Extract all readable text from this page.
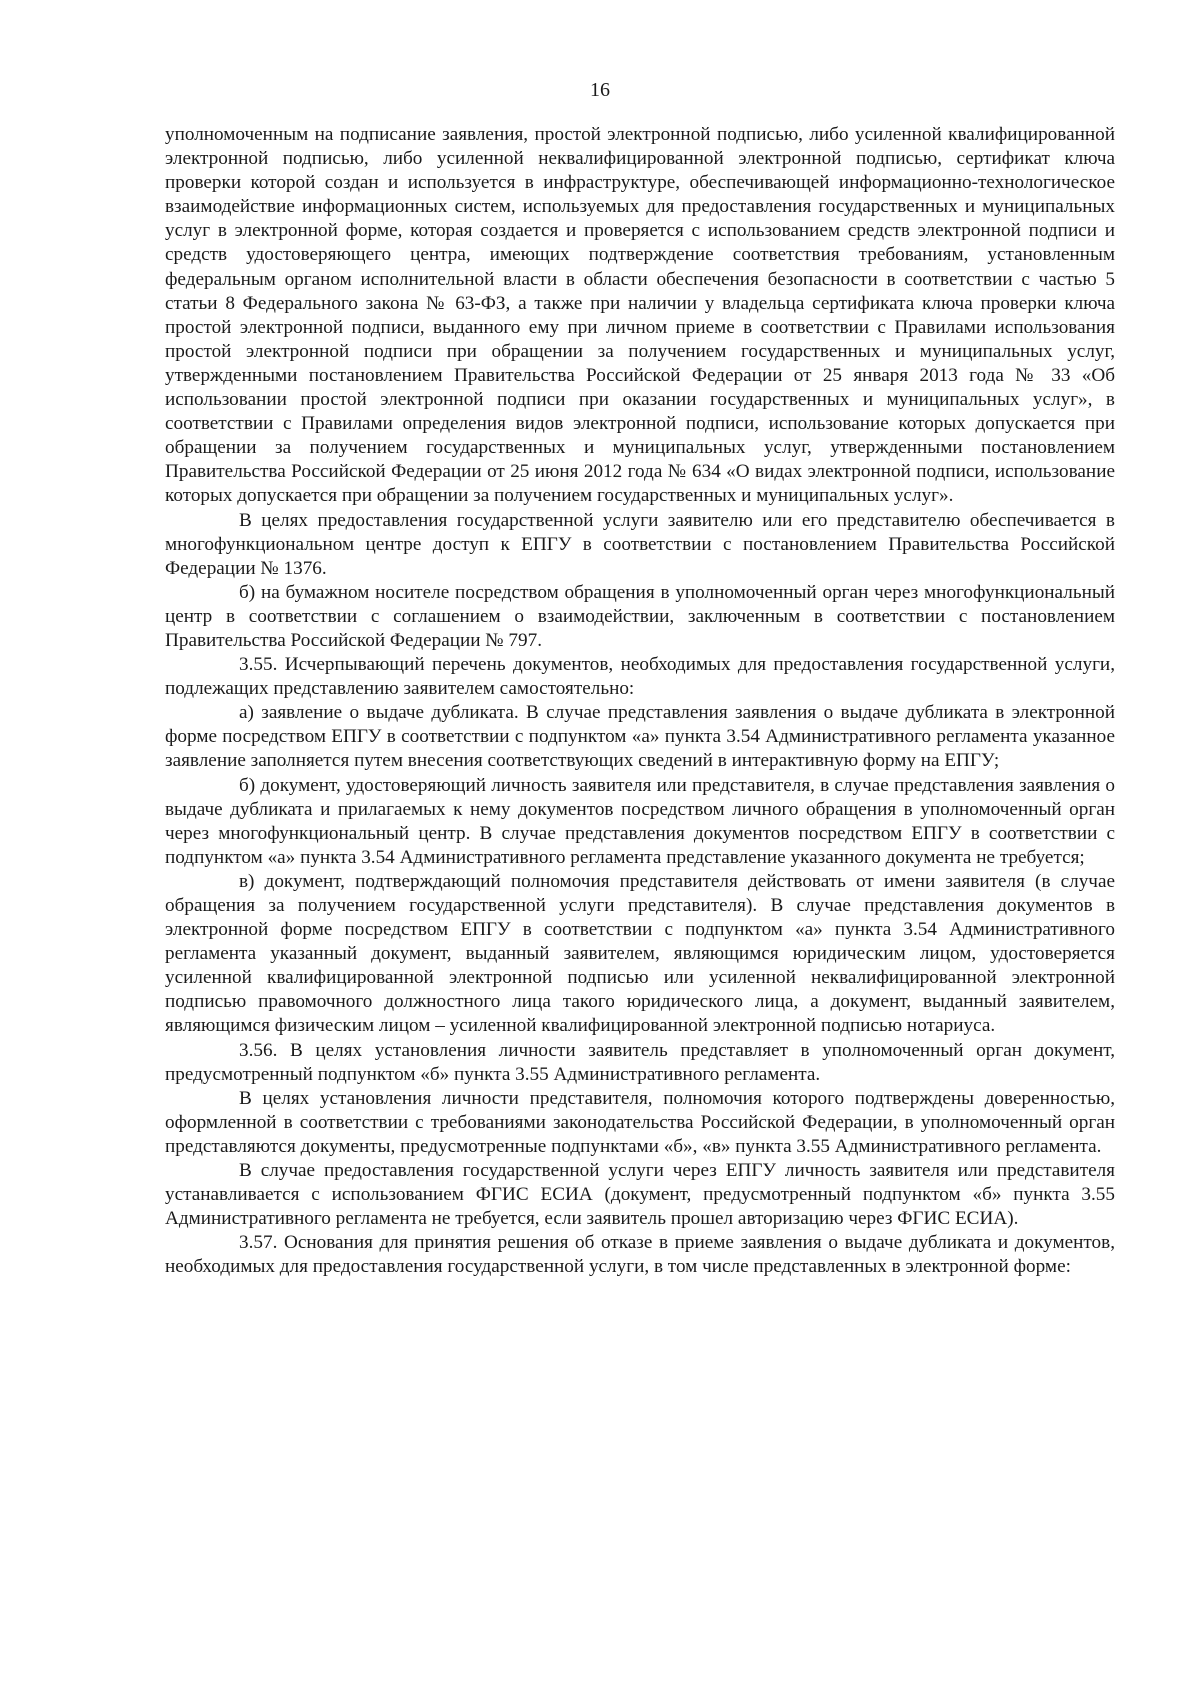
16

уполномоченным на подписание заявления, простой электронной подписью, либо усиленной квалифицированной электронной подписью, либо усиленной неквалифицированной электронной подписью, сертификат ключа проверки которой создан и используется в инфраструктуре, обеспечивающей информационно-технологическое взаимодействие информационных систем, используемых для предоставления государственных и муниципальных услуг в электронной форме, которая создается и проверяется с использованием средств электронной подписи и средств удостоверяющего центра, имеющих подтверждение соответствия требованиям, установленным федеральным органом исполнительной власти в области обеспечения безопасности в соответствии с частью 5 статьи 8 Федерального закона № 63-ФЗ, а также при наличии у владельца сертификата ключа проверки ключа простой электронной подписи, выданного ему при личном приеме в соответствии с Правилами использования простой электронной подписи при обращении за получением государственных и муниципальных услуг, утвержденными постановлением Правительства Российской Федерации от 25 января 2013 года № 33 «Об использовании простой электронной подписи при оказании государственных и муниципальных услуг», в соответствии с Правилами определения видов электронной подписи, использование которых допускается при обращении за получением государственных и муниципальных услуг, утвержденными постановлением Правительства Российской Федерации от 25 июня 2012 года № 634 «О видах электронной подписи, использование которых допускается при обращении за получением государственных и муниципальных услуг».

В целях предоставления государственной услуги заявителю или его представителю обеспечивается в многофункциональном центре доступ к ЕПГУ в соответствии с постановлением Правительства Российской Федерации № 1376.

б) на бумажном носителе посредством обращения в уполномоченный орган через многофункциональный центр в соответствии с соглашением о взаимодействии, заключенным в соответствии с постановлением Правительства Российской Федерации № 797.

3.55. Исчерпывающий перечень документов, необходимых для предоставления государственной услуги, подлежащих представлению заявителем самостоятельно:

а) заявление о выдаче дубликата. В случае представления заявления о выдаче дубликата в электронной форме посредством ЕПГУ в соответствии с подпунктом «а» пункта 3.54 Административного регламента указанное заявление заполняется путем внесения соответствующих сведений в интерактивную форму на ЕПГУ;

б) документ, удостоверяющий личность заявителя или представителя, в случае представления заявления о выдаче дубликата и прилагаемых к нему документов посредством личного обращения в уполномоченный орган через многофункциональный центр. В случае представления документов посредством ЕПГУ в соответствии с подпунктом «а» пункта 3.54 Административного регламента представление указанного документа не требуется;

в) документ, подтверждающий полномочия представителя действовать от имени заявителя (в случае обращения за получением государственной услуги представителя). В случае представления документов в электронной форме посредством ЕПГУ в соответствии с подпунктом «а» пункта 3.54 Административного регламента указанный документ, выданный заявителем, являющимся юридическим лицом, удостоверяется усиленной квалифицированной электронной подписью или усиленной неквалифицированной электронной подписью правомочного должностного лица такого юридического лица, а документ, выданный заявителем, являющимся физическим лицом – усиленной квалифицированной электронной подписью нотариуса.

3.56. В целях установления личности заявитель представляет в уполномоченный орган документ, предусмотренный подпунктом «б» пункта 3.55 Административного регламента.

В целях установления личности представителя, полномочия которого подтверждены доверенностью, оформленной в соответствии с требованиями законодательства Российской Федерации, в уполномоченный орган представляются документы, предусмотренные подпунктами «б», «в» пункта 3.55 Административного регламента.

В случае предоставления государственной услуги через ЕПГУ личность заявителя или представителя устанавливается с использованием ФГИС ЕСИА (документ, предусмотренный подпунктом «б» пункта 3.55 Административного регламента не требуется, если заявитель прошел авторизацию через ФГИС ЕСИА).

3.57. Основания для принятия решения об отказе в приеме заявления о выдаче дубликата и документов, необходимых для предоставления государственной услуги, в том числе представленных в электронной форме:
